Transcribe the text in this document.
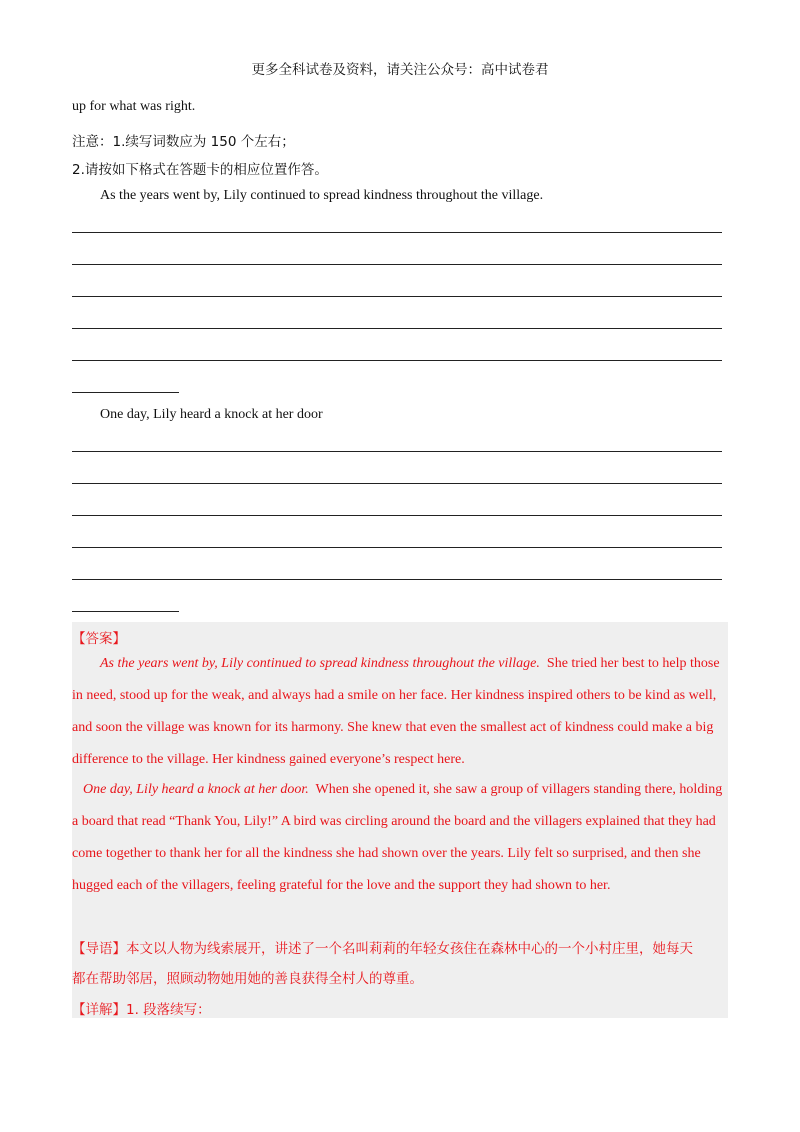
更多全科试卷及资料，请关注公众号：高中试卷君
up for what was right.
注意：1.续写词数应为 150 个左右；
2.请按如下格式在答题卡的相应位置作答。
As the years went by, Lily continued to spread kindness throughout the village.
One day, Lily heard a knock at her door
【答案】
As the years went by, Lily continued to spread kindness throughout the village. She tried her best to help those
in need, stood up for the weak, and always had a smile on her face. Her kindness inspired others to be kind as well,
and soon the village was known for its harmony. She knew that even the smallest act of kindness could make a big
difference to the village. Her kindness gained everyone’s respect here.
One day, Lily heard a knock at her door. When she opened it, she saw a group of villagers standing there, holding
a board that read “Thank You, Lily!” A bird was circling around the board and the villagers explained that they had
come together to thank her for all the kindness she had shown over the years. Lily felt so surprised, and then she
hugged each of the villagers, feeling grateful for the love and the support they had shown to her.
【导语】本文以人物为线索展开，讲述了一个名叫莉莉的年轻女孩住在森林中心的一个小村庄里，她每天
都在帮助邻居，照顾动物她用她的善良获得全村人的尊重。
【详解】1. 段落续写：
